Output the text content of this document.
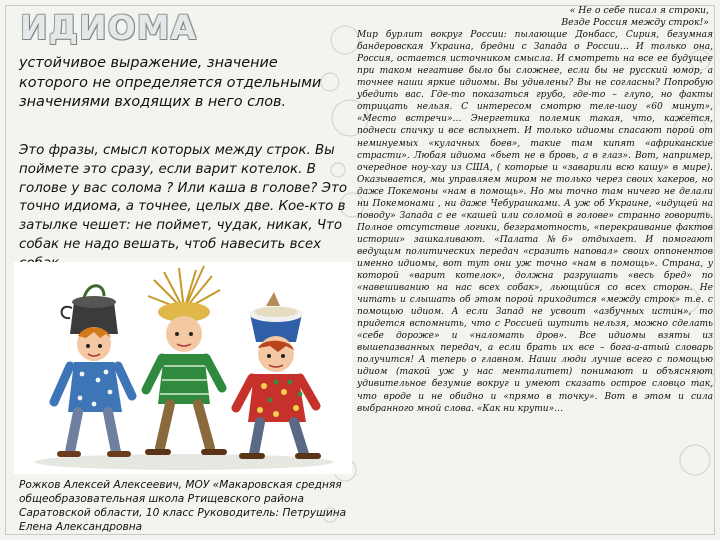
ИДИОМА

устойчивое выражение, значение которого не определяется отдельными значениями входящих в него слов.

Это фразы, смысл которых между строк. Вы поймете это сразу, если варит котелок. В голове у вас солома ? Или каша в голове? Это точно идиома, а точнее, целых две. Кое-кто в затылке чешет: не поймет, чудак, никак, Что собак не надо вешать, чтоб навесить всех

Рожков Алексей Алексеевич, МОУ «Макаровская средняя общеобразовательная школа Ртищевского района Саратовской области, 10 класс Руководитель: Петрушина Елена Александровна

« Не о себе писал я строки,

Везде Россия между строк!»

Мир бурлит вокруг России: пылающие Донбасс, Сирия, безумная бандеровская Украина, бредни с Запада о России… И только она, Россия, остается источником смысла. И смотреть на все ее будущее при таком негативе было бы сложнее, если бы не русский юмор, а точнее наши яркие идиомы. Вы удивлены? Вы не согласны? Попробую убедить вас. Где-то показаться грубо, где-то – глупо, но факты отрицать нельзя. С интересом смотрю теле-шоу «60 минут», «Место встречи»… Энергетика полемик такая, что, кажется, поднеси спичку и все вспыхнет. И только идиомы спасают порой от неминуемых «кулачных боев», такие там кипят «африканские страсти». Любая идиома «бьет не в бровь, а в глаз». Вот, например, очередное ноу-хау из США, ( которые и «заварили всю кашу» в мире). Оказывается, мы управляем миром не только через своих хакеров, но даже Покемоны «нам в помощь». Но мы точно там ничего не делали ни Покемонами , ни даже Чебурашками. А уж об Украине, «идущей на поводу» Запада с ее «кашей или соломой в голове» странно говорить. Полное отсутствие логики, безграмотность, «перекраивание фактов истории» зашкаливают. «Палата №6» отдыхает. И помогают ведущим политических передач «сразить наповал» своих оппонентов именно идиомы, вот тут они уж точно «нам в помощь». Страна, у которой «варит котелок», должна разрушать «весь бред» по «навешиванию на нас всех собак», льющийся со всех сторон. Не читать и слышать об этом порой приходится «между строк» т.е. с помощью идиом. А если Запад не усвоит «азбучных истин», то придется вспомнить, что с Россией шутить нельзя, можно сделать «себе дороже» и «наломать дров». Все идиомы взяты из вышепазванных передач, а если брать их все – бога-а-атый словарь получится! А теперь о главном. Наши люди лучше всего с помощью идиом (такой уж у нас менталитет) понимают и объясняют удивительное безумие вокруг и умеют сказать острое словцо так, что вроде и не обидно и «прямо в точку». Вот в этом и сила выбранного мной слова. «Как ни крути»…
